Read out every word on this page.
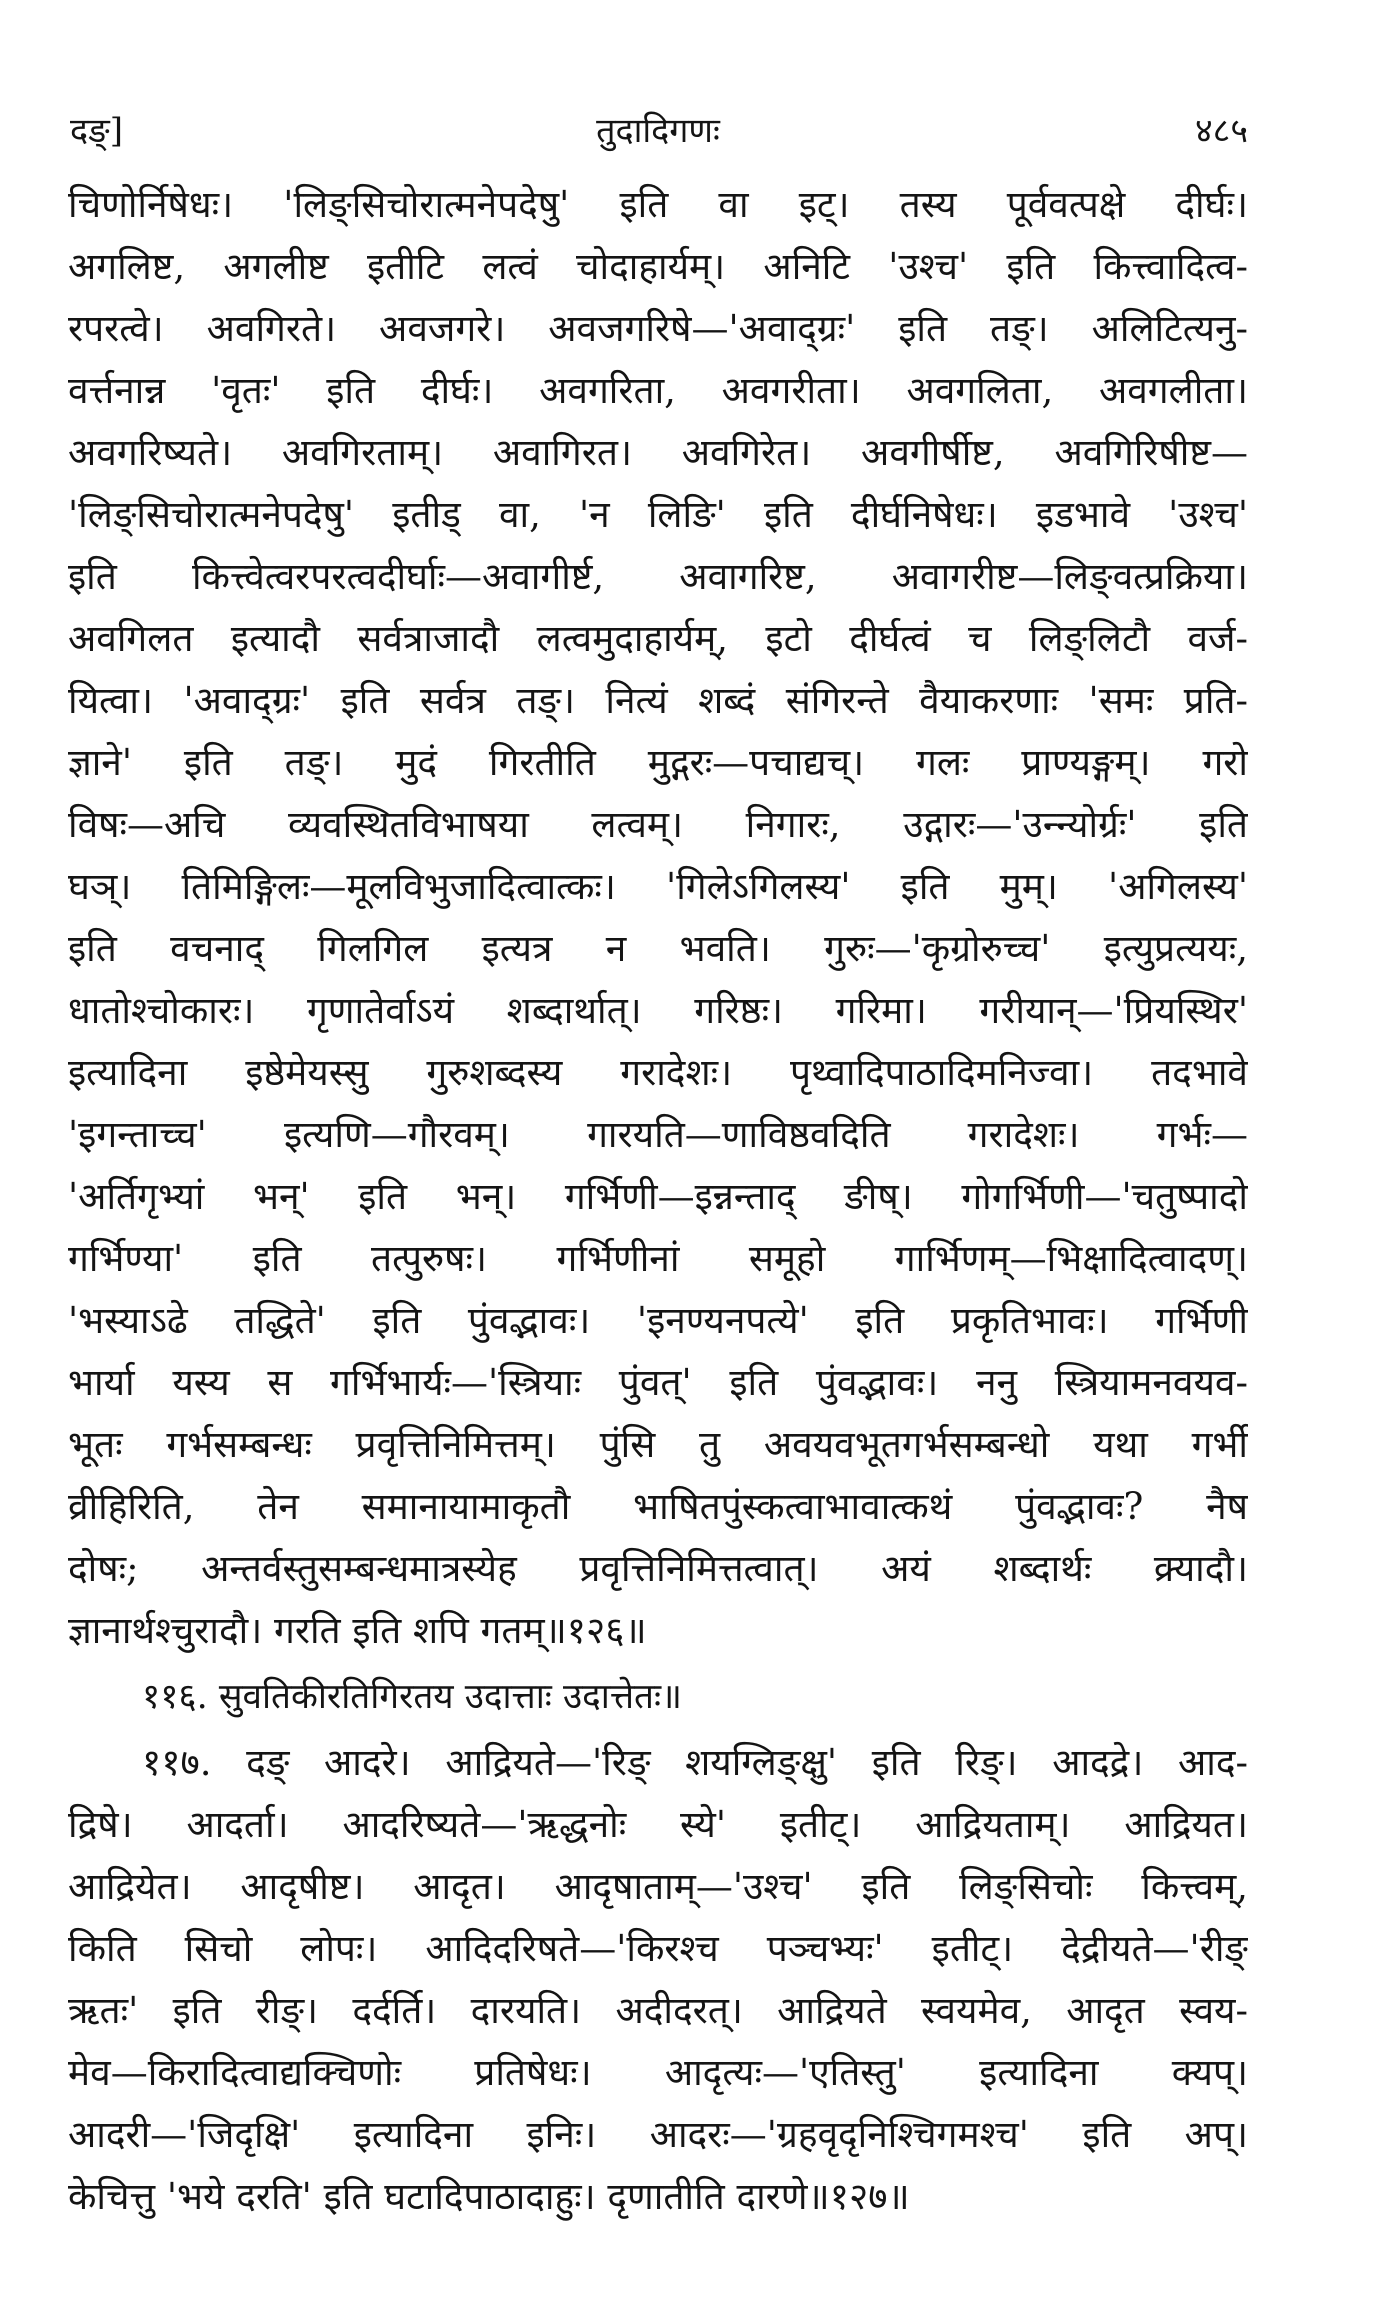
दङ्]	तुदादिगणः	४८५
चिणोर्निषेधः। 'लिङ्सिचोरात्मनेपदेषु' इति वा इट्। तस्य पूर्ववत्पक्षे दीर्घः।
अगलिष्ट, अगलीष्ट इतीटि लत्वं चोदाहार्यम्। अनिटि 'उश्च' इति कित्त्वादित्व-
रपरत्वे। अवगिरते। अवजगरे। अवजगरिषे—'अवाद्ग्रः' इति तङ्। अलिटित्यनु-
वर्त्तनान्न 'वृतः' इति दीर्घः। अवगरिता, अवगरीता। अवगलिता, अवगलीता।
अवगरिष्यते। अवगिरताम्। अवागिरत। अवगिरेत। अवगीर्षीष्ट, अवगिरिषीष्ट—
'लिङ्सिचोरात्मनेपदेषु' इतीड् वा, 'न लिङि' इति दीर्घनिषेधः। इडभावे 'उश्च'
इति कित्त्वेत्वरपरत्वदीर्घाः—अवागीर्ष्ट, अवागरिष्ट, अवागरीष्ट—लिङ्वत्प्रक्रिया।
अवगिलत इत्यादौ सर्वत्राजादौ लत्वमुदाहार्यम्, इटो दीर्घत्वं च लिङ्लिटौ वर्ज-
यित्वा। 'अवाद्ग्रः' इति सर्वत्र तङ्। नित्यं शब्दं संगिरन्ते वैयाकरणाः 'समः प्रति-
ज्ञाने' इति तङ्। मुदं गिरतीति मुद्गरः—पचाद्यच्। गलः प्राण्यङ्गम्। गरो
विषः—अचि व्यवस्थितविभाषया लत्वम्। निगारः, उद्गारः—'उन्न्योर्ग्रः' इति
घञ्। तिमिङ्गिलः—मूलविभुजादित्वात्कः। 'गिलेऽगिलस्य' इति मुम्। 'अगिलस्य'
इति वचनाद् गिलगिल इत्यत्र न भवति। गुरुः—'कृग्रोरुच्च' इत्युप्रत्ययः,
धातोश्चोकारः। गृणातेर्वाऽयं शब्दार्थात्। गरिष्ठः। गरिमा। गरीयान्—'प्रियस्थिर'
इत्यादिना इष्ठेमेयस्सु गुरुशब्दस्य गरादेशः। पृथ्वादिपाठादिमनिज्वा। तदभावे
'इगन्ताच्च' इत्यणि—गौरवम्। गारयति—णाविष्ठवदिति गरादेशः। गर्भः—
'अर्तिगृभ्यां भन्' इति भन्। गर्भिणी—इन्नन्ताद् ङीष्। गोगर्भिणी—'चतुष्पादो
गर्भिण्या' इति तत्पुरुषः। गर्भिणीनां समूहो गार्भिणम्—भिक्षादित्वादण्।
'भस्याऽढे तद्धिते' इति पुंवद्भावः। 'इनण्यनपत्ये' इति प्रकृतिभावः। गर्भिणी
भार्या यस्य स गर्भिभार्यः—'स्त्रियाः पुंवत्' इति पुंवद्भावः। ननु स्त्रियामनवयव-
भूतः गर्भसम्बन्धः प्रवृत्तिनिमित्तम्। पुंसि तु अवयवभूतगर्भसम्बन्धो यथा गर्भी
व्रीहिरिति, तेन समानायामाकृतौ भाषितपुंस्कत्वाभावात्कथं पुंवद्भावः? नैष
दोषः; अन्तर्वस्तुसम्बन्धमात्रस्येह प्रवृत्तिनिमित्तत्वात्। अयं शब्दार्थः क्र्यादौ।
ज्ञानार्थश्चुरादौ। गरति इति शपि गतम्॥१२६॥
११६. सुवतिकीरतिगिरतय उदात्ताः उदात्तेतः॥
११७. दङ् आदरे। आद्रियते—'रिङ् शयग्लिङ्क्षु' इति रिङ्। आदद्रे। आद-
द्रिषे। आदर्ता। आदरिष्यते—'ऋद्धनोः स्ये' इतीट्। आद्रियताम्। आद्रियत।
आद्रियेत। आदृषीष्ट। आदृत। आदृषाताम्—'उश्च' इति लिङ्सिचोः कित्त्वम्,
किति सिचो लोपः। आदिदरिषते—'किरश्च पञ्चभ्यः' इतीट्। देद्रीयते—'रीङ्
ऋतः' इति रीङ्। दर्दर्ति। दारयति। अदीदरत्। आद्रियते स्वयमेव, आदृत स्वय-
मेव—किरादित्वाद्यक्चिणोः प्रतिषेधः। आदृत्यः—'एतिस्तु' इत्यादिना क्यप्।
आदरी—'जिदृक्षि' इत्यादिना इनिः। आदरः—'ग्रहवृदृनिश्चिगमश्च' इति अप्।
केचित्तु 'भये दरति' इति घटादिपाठादाहुः। दृणातीति दारणे॥१२७॥
